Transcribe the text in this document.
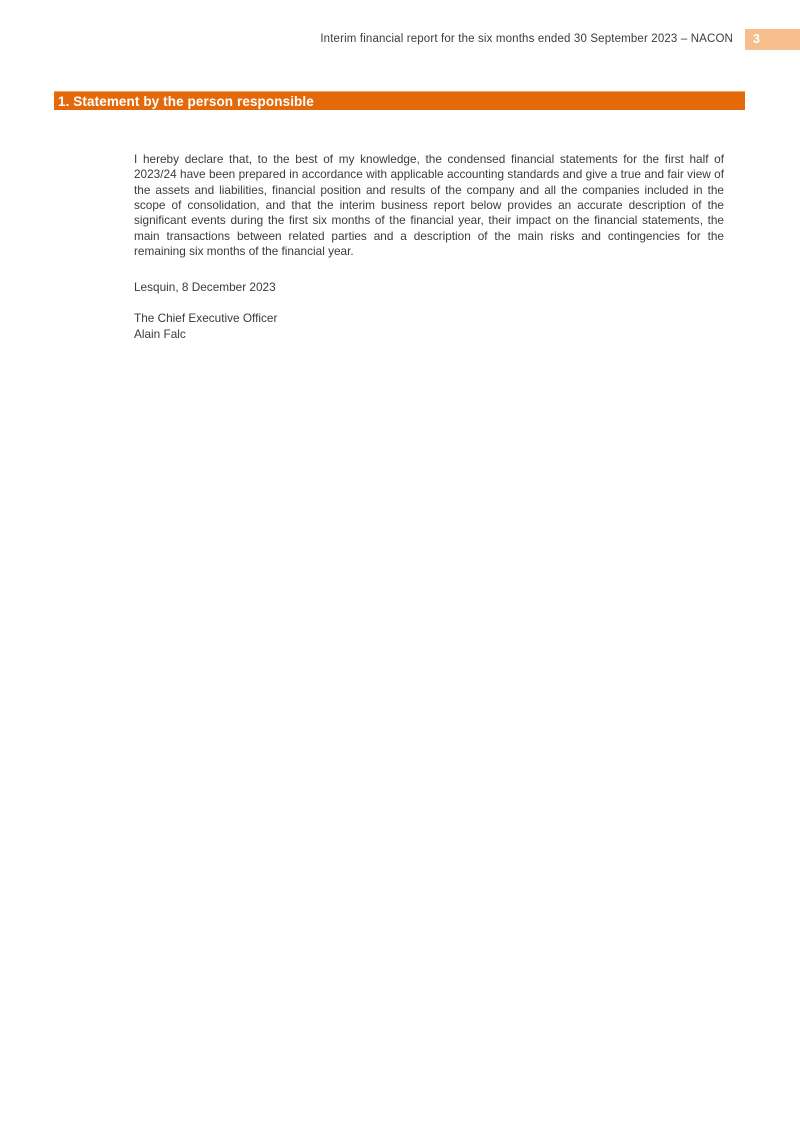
Interim financial report for the six months ended 30 September 2023 – NACON	3
1. Statement by the person responsible

I hereby declare that, to the best of my knowledge, the condensed financial statements for the first half of 2023/24 have been prepared in accordance with applicable accounting standards and give a true and fair view of the assets and liabilities, financial position and results of the company and all the companies included in the scope of consolidation, and that the interim business report below provides an accurate description of the significant events during the first six months of the financial year, their impact on the financial statements, the main transactions between related parties and a description of the main risks and contingencies for the remaining six months of the financial year.

Lesquin, 8 December 2023
The Chief Executive Officer
Alain Falc
